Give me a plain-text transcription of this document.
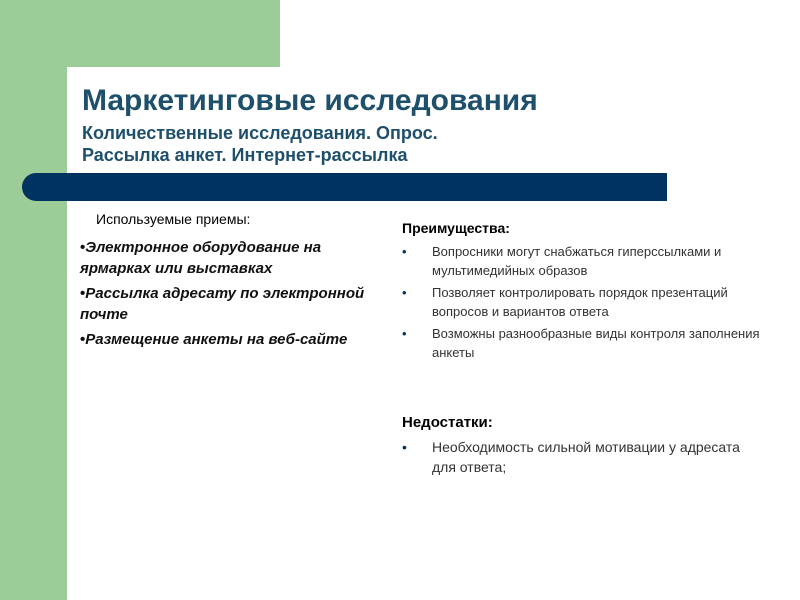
Маркетинговые исследования
Количественные исследования. Опрос.
Рассылка анкет. Интернет-рассылка
Используемые приемы:
•Электронное оборудование на ярмарках или выставках
•Рассылка адресату по электронной почте
•Размещение анкеты на веб-сайте
Преимущества:
• Вопросники могут снабжаться гиперссылками и мультимедийных образов
• Позволяет контролировать порядок презентаций вопросов и вариантов ответа
• Возможны разнообразные виды контроля заполнения анкеты
Недостатки:
• Необходимость сильной мотивации у адресата для ответа;
